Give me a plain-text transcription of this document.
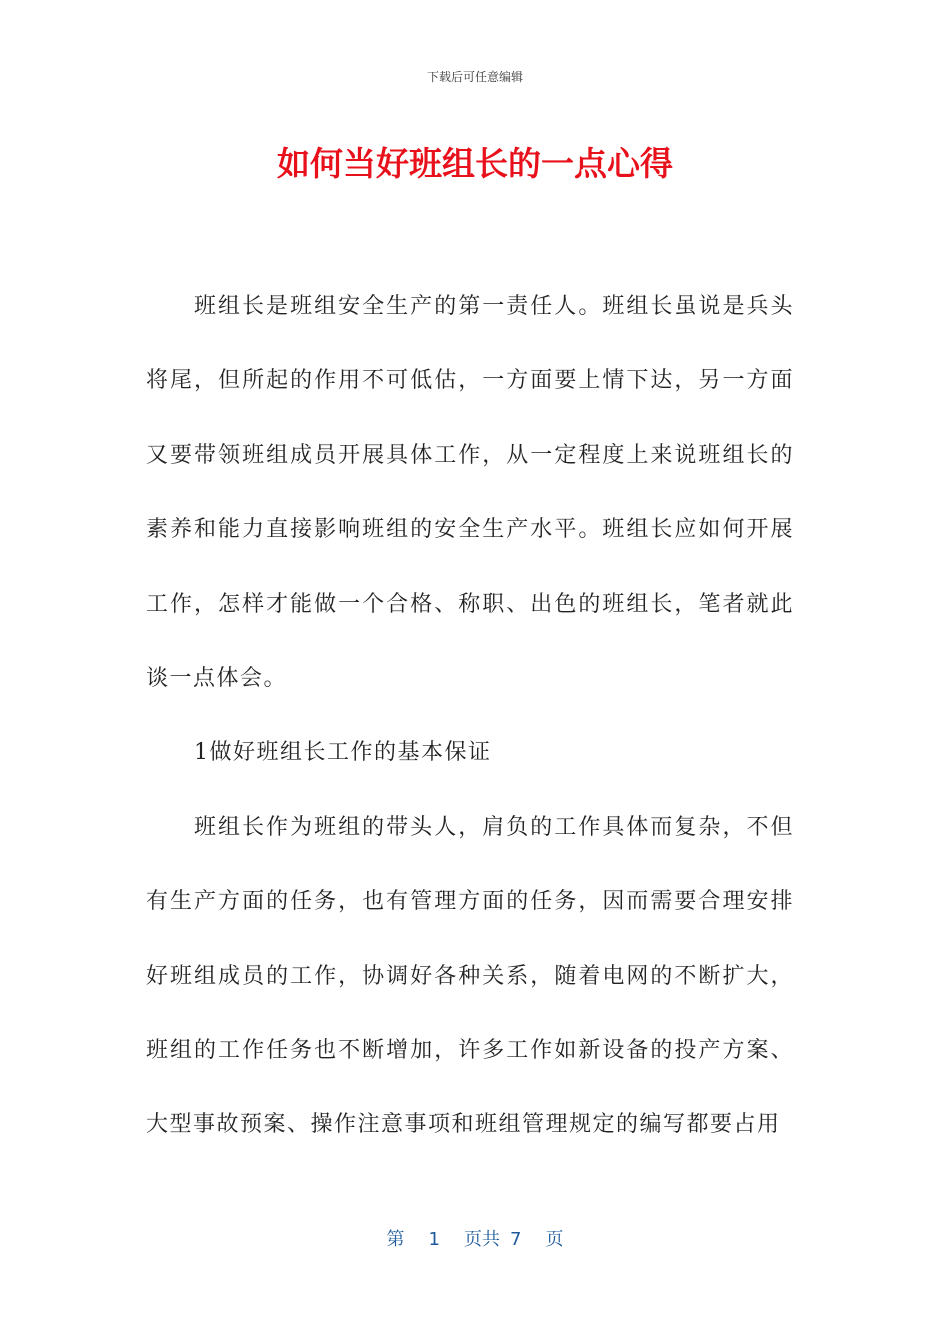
下载后可任意编辑
如何当好班组长的一点心得

班组长是班组安全生产的第一责任人。班组长虽说是兵头将尾，但所起的作用不可低估，一方面要上情下达，另一方面又要带领班组成员开展具体工作，从一定程度上来说班组长的素养和能力直接影响班组的安全生产水平。班组长应如何开展工作，怎样才能做一个合格、称职、出色的班组长，笔者就此谈一点体会。

1做好班组长工作的基本保证

班组长作为班组的带头人，肩负的工作具体而复杂，不但有生产方面的任务，也有管理方面的任务，因而需要合理安排好班组成员的工作，协调好各种关系，随着电网的不断扩大，班组的工作任务也不断增加，许多工作如新设备的投产方案、大型事故预案、操作注意事项和班组管理规定的编写都要占用

第 1 页共 7 页
